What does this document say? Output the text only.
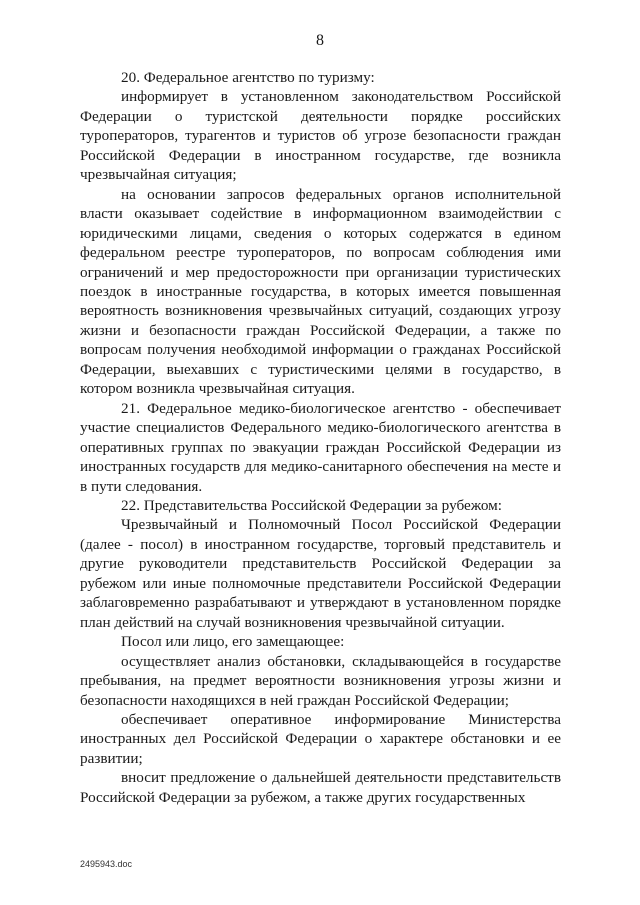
8

20. Федеральное агентство по туризму:

информирует в установленном законодательством Российской Федерации о туристской деятельности порядке российских туроператоров, турагентов и туристов об угрозе безопасности граждан Российской Федерации в иностранном государстве, где возникла чрезвычайная ситуация;

на основании запросов федеральных органов исполнительной власти оказывает содействие в информационном взаимодействии с юридическими лицами, сведения о которых содержатся в едином федеральном реестре туроператоров, по вопросам соблюдения ими ограничений и мер предосторожности при организации туристических поездок в иностранные государства, в которых имеется повышенная вероятность возникновения чрезвычайных ситуаций, создающих угрозу жизни и безопасности граждан Российской Федерации, а также по вопросам получения необходимой информации о гражданах Российской Федерации, выехавших с туристическими целями в государство, в котором возникла чрезвычайная ситуация.

21. Федеральное медико-биологическое агентство - обеспечивает участие специалистов Федерального медико-биологического агентства в оперативных группах по эвакуации граждан Российской Федерации из иностранных государств для медико-санитарного обеспечения на месте и в пути следования.

22. Представительства Российской Федерации за рубежом:

Чрезвычайный и Полномочный Посол Российской Федерации (далее - посол) в иностранном государстве, торговый представитель и другие руководители представительств Российской Федерации за рубежом или иные полномочные представители Российской Федерации заблаговременно разрабатывают и утверждают в установленном порядке план действий на случай возникновения чрезвычайной ситуации.

Посол или лицо, его замещающее:

осуществляет анализ обстановки, складывающейся в государстве пребывания, на предмет вероятности возникновения угрозы жизни и безопасности находящихся в ней граждан Российской Федерации;

обеспечивает оперативное информирование Министерства иностранных дел Российской Федерации о характере обстановки и ее развитии;

вносит предложение о дальнейшей деятельности представительств Российской Федерации за рубежом, а также других государственных

2495943.doc
